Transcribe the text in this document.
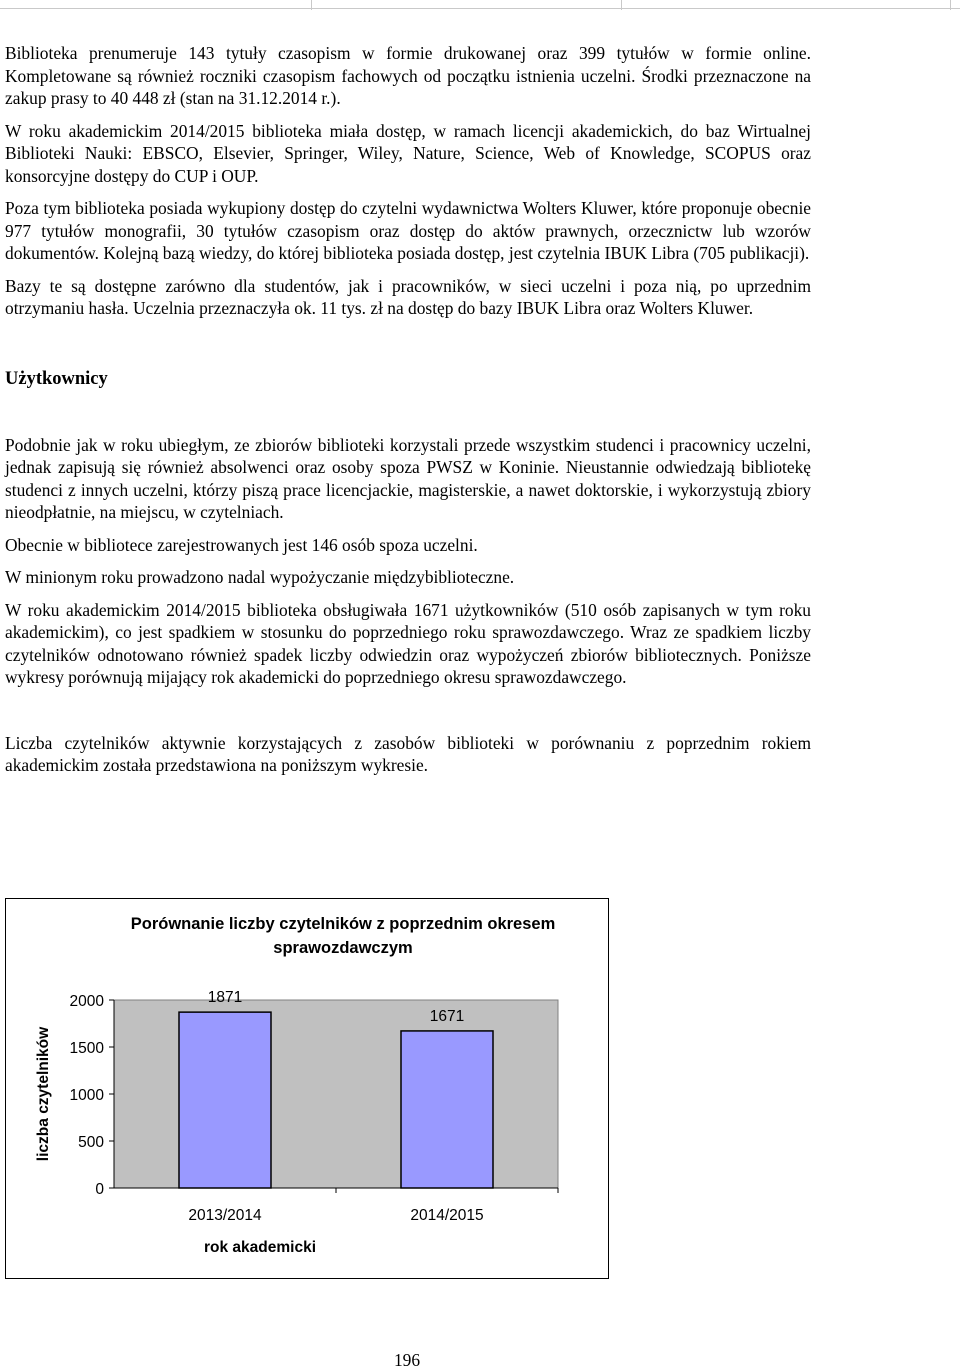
Biblioteka prenumeruje 143 tytuły czasopism w formie drukowanej oraz 399 tytułów w formie online. Kompletowane są również roczniki czasopism fachowych od początku istnienia uczelni. Środki przeznaczone na zakup prasy to 40 448 zł (stan na 31.12.2014 r.).

W roku akademickim 2014/2015 biblioteka miała dostęp, w ramach licencji akademickich, do baz Wirtualnej Biblioteki Nauki: EBSCO, Elsevier, Springer, Wiley, Nature, Science, Web of Knowledge, SCOPUS oraz konsorcyjne dostępy do CUP i OUP.

Poza tym biblioteka posiada wykupiony dostęp do czytelni wydawnictwa Wolters Kluwer, które proponuje obecnie 977 tytułów monografii, 30 tytułów czasopism oraz dostęp do aktów prawnych, orzecznictw lub wzorów dokumentów. Kolejną bazą wiedzy, do której biblioteka posiada dostęp, jest czytelnia IBUK Libra (705 publikacji).

Bazy te są dostępne zarówno dla studentów, jak i pracowników, w sieci uczelni i poza nią, po uprzednim otrzymaniu hasła. Uczelnia przeznaczyła ok. 11 tys. zł na dostęp do bazy IBUK Libra oraz Wolters Kluwer.

Użytkownicy

Podobnie jak w roku ubiegłym, ze zbiorów biblioteki korzystali przede wszystkim studenci i pracownicy uczelni, jednak zapisują się również absolwenci oraz osoby spoza PWSZ w Koninie. Nieustannie odwiedzają bibliotekę studenci z innych uczelni, którzy piszą prace licencjackie, magisterskie, a nawet doktorskie, i wykorzystują zbiory nieodpłatnie, na miejscu, w czytelniach.

Obecnie w bibliotece zarejestrowanych jest 146 osób spoza uczelni.

W minionym roku prowadzono nadal wypożyczanie międzybiblioteczne.

W roku akademickim 2014/2015 biblioteka obsługiwała 1671 użytkowników (510 osób zapisanych w tym roku akademickim), co jest spadkiem w stosunku do poprzedniego roku sprawozdawczego. Wraz ze spadkiem liczby czytelników odnotowano również spadek liczby odwiedzin oraz wypożyczeń zbiorów bibliotecznych. Poniższe wykresy porównują mijający rok akademicki do poprzedniego okresu sprawozdawczego.

Liczba czytelników aktywnie korzystających z zasobów biblioteki w porównaniu z poprzednim rokiem akademickim została przedstawiona na poniższym wykresie.

Porównanie liczby czytelników z poprzednim okresem sprawozdawczym
0
500
1000
1500
2000	1871
2013/2014
1671
2014/2015
rok akademicki
liczba czytelników
196
